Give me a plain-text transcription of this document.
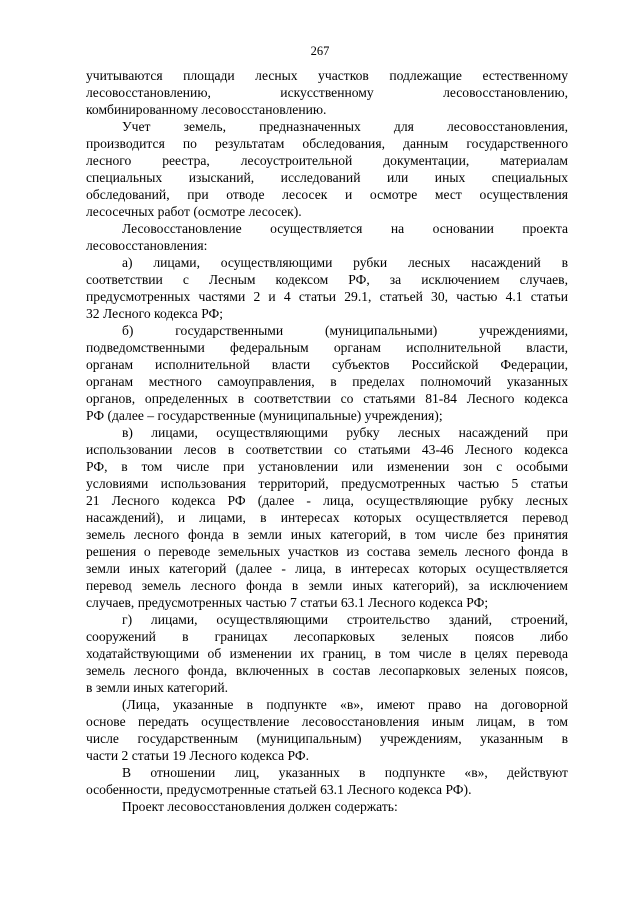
267
учитываются площади лесных участков подлежащие естественному
лесовосстановлению, искусственному лесовосстановлению,
комбинированному лесовосстановлению.
Учет земель, предназначенных для лесовосстановления,
производится по результатам обследования, данным государственного
лесного реестра, лесоустроительной документации, материалам
специальных изысканий, исследований или иных специальных
обследований, при отводе лесосек и осмотре мест осуществления
лесосечных работ (осмотре лесосек).
Лесовосстановление осуществляется на основании проекта
лесовосстановления:
а) лицами, осуществляющими рубки лесных насаждений в
соответствии с Лесным кодексом РФ, за исключением случаев,
предусмотренных частями 2 и 4 статьи 29.1, статьей 30, частью 4.1 статьи
32 Лесного кодекса РФ;
б) государственными (муниципальными) учреждениями,
подведомственными федеральным органам исполнительной власти,
органам исполнительной власти субъектов Российской Федерации,
органам местного самоуправления, в пределах полномочий указанных
органов, определенных в соответствии со статьями 81-84 Лесного кодекса
РФ (далее – государственные (муниципальные) учреждения);
в) лицами, осуществляющими рубку лесных насаждений при
использовании лесов в соответствии со статьями 43-46 Лесного кодекса
РФ, в том числе при установлении или изменении зон с особыми
условиями использования территорий, предусмотренных частью 5 статьи
21 Лесного кодекса РФ (далее - лица, осуществляющие рубку лесных
насаждений), и лицами, в интересах которых осуществляется перевод
земель лесного фонда в земли иных категорий, в том числе без принятия
решения о переводе земельных участков из состава земель лесного фонда в
земли иных категорий (далее - лица, в интересах которых осуществляется
перевод земель лесного фонда в земли иных категорий), за исключением
случаев, предусмотренных частью 7 статьи 63.1 Лесного кодекса РФ;
г) лицами, осуществляющими строительство зданий, строений,
сооружений в границах лесопарковых зеленых поясов либо
ходатайствующими об изменении их границ, в том числе в целях перевода
земель лесного фонда, включенных в состав лесопарковых зеленых поясов,
в земли иных категорий.
(Лица, указанные в подпункте «в», имеют право на договорной
основе передать осуществление лесовосстановления иным лицам, в том
числе государственным (муниципальным) учреждениям, указанным в
части 2 статьи 19 Лесного кодекса РФ.
В отношении лиц, указанных в подпункте «в», действуют
особенности, предусмотренные статьей 63.1 Лесного кодекса РФ).
Проект лесовосстановления должен содержать:
